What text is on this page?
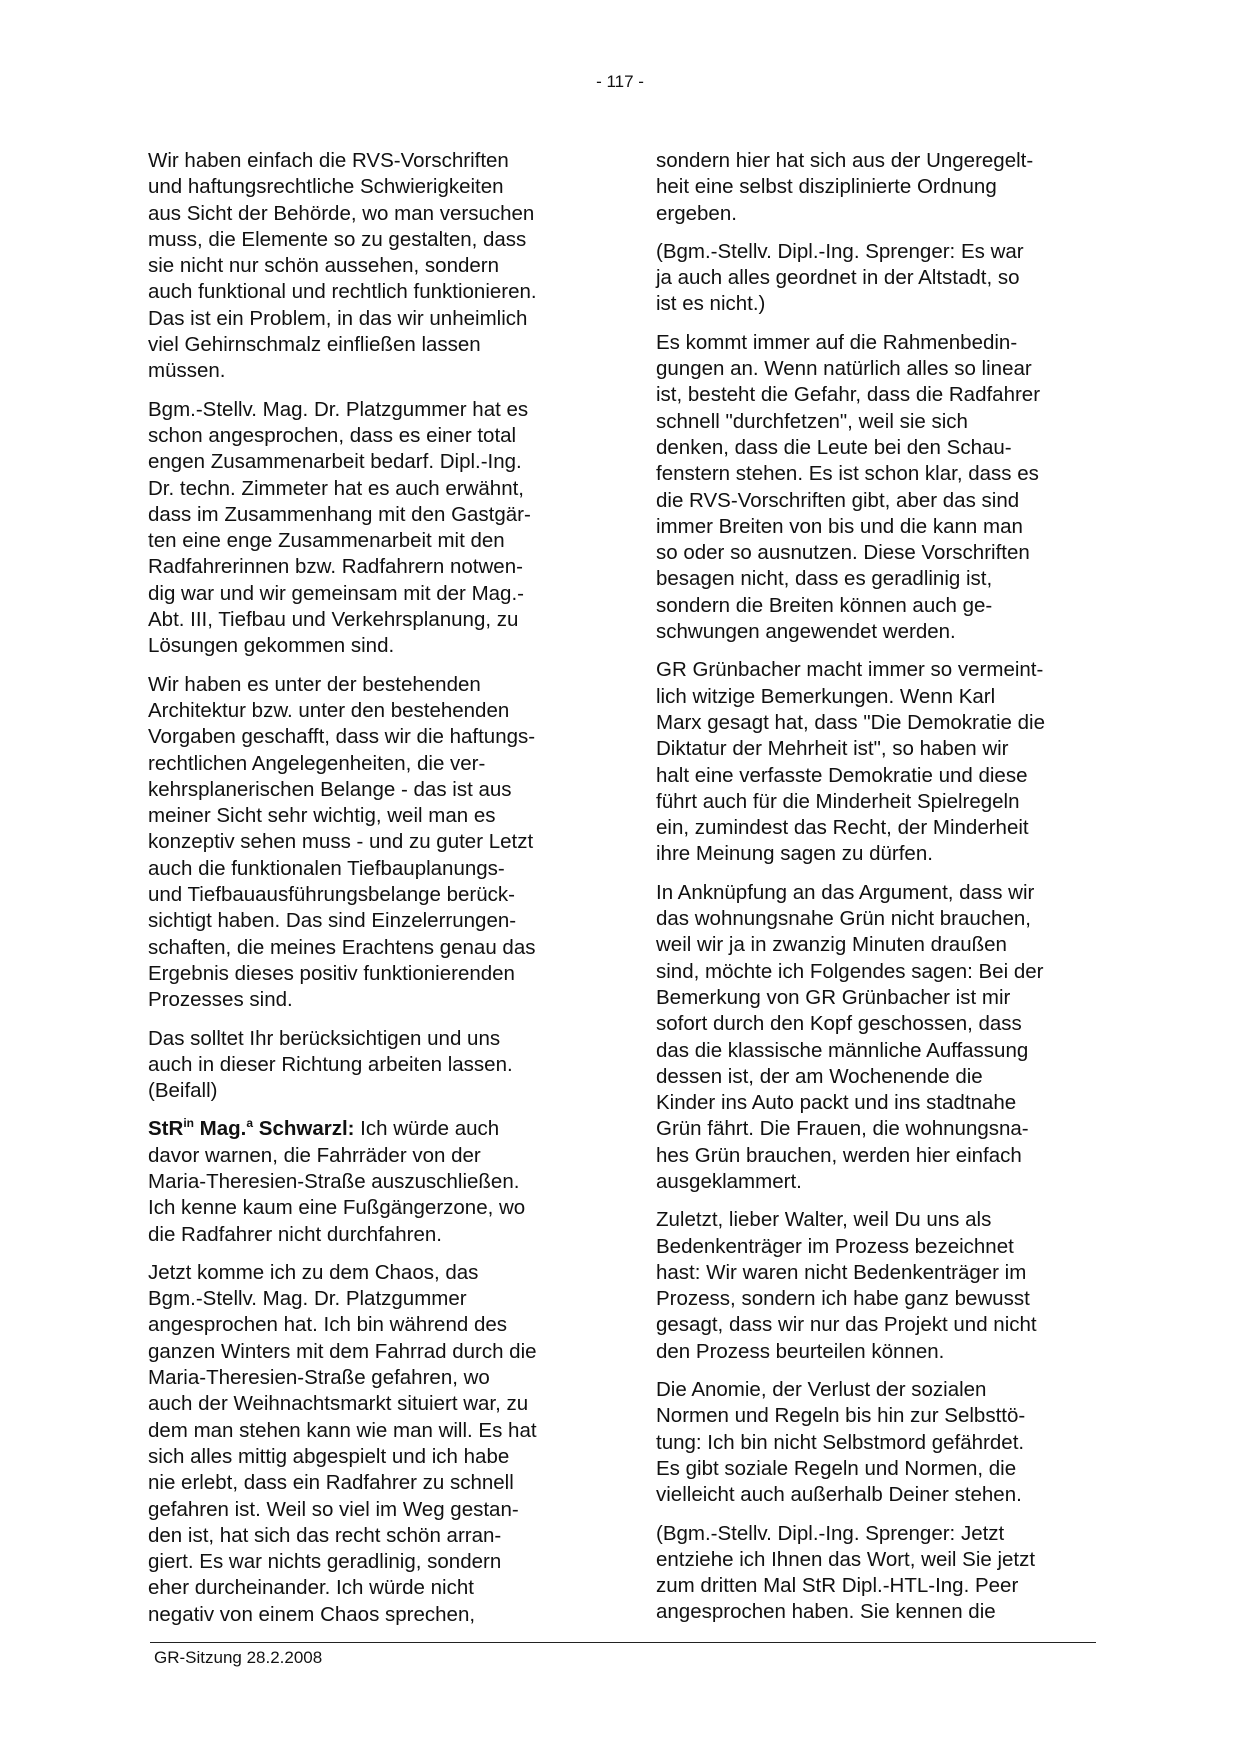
- 117 -

Wir haben einfach die RVS-Vorschriften
und haftungsrechtliche Schwierigkeiten
aus Sicht der Behörde, wo man versuchen
muss, die Elemente so zu gestalten, dass
sie nicht nur schön aussehen, sondern
auch funktional und rechtlich funktionieren.
Das ist ein Problem, in das wir unheimlich
viel Gehirnschmalz einfließen lassen
müssen.

Bgm.-Stellv. Mag. Dr. Platzgummer hat es
schon angesprochen, dass es einer total
engen Zusammenarbeit bedarf. Dipl.-Ing.
Dr. techn. Zimmeter hat es auch erwähnt,
dass im Zusammenhang mit den Gastgär-
ten eine enge Zusammenarbeit mit den
Radfahrerinnen bzw. Radfahrern notwen-
dig war und wir gemeinsam mit der Mag.-
Abt. III, Tiefbau und Verkehrsplanung, zu
Lösungen gekommen sind.

Wir haben es unter der bestehenden
Architektur bzw. unter den bestehenden
Vorgaben geschafft, dass wir die haftungs-
rechtlichen Angelegenheiten, die ver-
kehrsplanerischen Belange - das ist aus
meiner Sicht sehr wichtig, weil man es
konzeptiv sehen muss - und zu guter Letzt
auch die funktionalen Tiefbauplanungs-
und Tiefbauausführungsbelange berück-
sichtigt haben. Das sind Einzelerrungen-
schaften, die meines Erachtens genau das
Ergebnis dieses positiv funktionierenden
Prozesses sind.

Das solltet Ihr berücksichtigen und uns
auch in dieser Richtung arbeiten lassen.
(Beifall)

StR$^{in}$ Mag.$^a$ Schwarzl: Ich würde auch
davor warnen, die Fahrräder von der
Maria-Theresien-Straße auszuschließen.
Ich kenne kaum eine Fußgängerzone, wo
die Radfahrer nicht durchfahren.

Jetzt komme ich zu dem Chaos, das
Bgm.-Stellv. Mag. Dr. Platzgummer
angesprochen hat. Ich bin während des
ganzen Winters mit dem Fahrrad durch die
Maria-Theresien-Straße gefahren, wo
auch der Weihnachtsmarkt situiert war, zu
dem man stehen kann wie man will. Es hat
sich alles mittig abgespielt und ich habe
nie erlebt, dass ein Radfahrer zu schnell
gefahren ist. Weil so viel im Weg gestan-
den ist, hat sich das recht schön arran-
giert. Es war nichts geradlinig, sondern
eher durcheinander. Ich würde nicht
negativ von einem Chaos sprechen,

sondern hier hat sich aus der Ungeregelt-
heit eine selbst disziplinierte Ordnung
ergeben.

(Bgm.-Stellv. Dipl.-Ing. Sprenger: Es war
ja auch alles geordnet in der Altstadt, so
ist es nicht.)

Es kommt immer auf die Rahmenbedin-
gungen an. Wenn natürlich alles so linear
ist, besteht die Gefahr, dass die Radfahrer
schnell "durchfetzen", weil sie sich
denken, dass die Leute bei den Schau-
fenstern stehen. Es ist schon klar, dass es
die RVS-Vorschriften gibt, aber das sind
immer Breiten von bis und die kann man
so oder so ausnutzen. Diese Vorschriften
besagen nicht, dass es geradlinig ist,
sondern die Breiten können auch ge-
schwungen angewendet werden.

GR Grünbacher macht immer so vermeint-
lich witzige Bemerkungen. Wenn Karl
Marx gesagt hat, dass "Die Demokratie die
Diktatur der Mehrheit ist", so haben wir
halt eine verfasste Demokratie und diese
führt auch für die Minderheit Spielregeln
ein, zumindest das Recht, der Minderheit
ihre Meinung sagen zu dürfen.

In Anknüpfung an das Argument, dass wir
das wohnungsnahe Grün nicht brauchen,
weil wir ja in zwanzig Minuten draußen
sind, möchte ich Folgendes sagen: Bei der
Bemerkung von GR Grünbacher ist mir
sofort durch den Kopf geschossen, dass
das die klassische männliche Auffassung
dessen ist, der am Wochenende die
Kinder ins Auto packt und ins stadtnahe
Grün fährt. Die Frauen, die wohnungsna-
hes Grün brauchen, werden hier einfach
ausgeklammert.

Zuletzt, lieber Walter, weil Du uns als
Bedenkenträger im Prozess bezeichnet
hast: Wir waren nicht Bedenkenträger im
Prozess, sondern ich habe ganz bewusst
gesagt, dass wir nur das Projekt und nicht
den Prozess beurteilen können.

Die Anomie, der Verlust der sozialen
Normen und Regeln bis hin zur Selbsttö-
tung: Ich bin nicht Selbstmord gefährdet.
Es gibt soziale Regeln und Normen, die
vielleicht auch außerhalb Deiner stehen.

(Bgm.-Stellv. Dipl.-Ing. Sprenger: Jetzt
entziehe ich Ihnen das Wort, weil Sie jetzt
zum dritten Mal StR Dipl.-HTL-Ing. Peer
angesprochen haben. Sie kennen die

GR-Sitzung 28.2.2008
